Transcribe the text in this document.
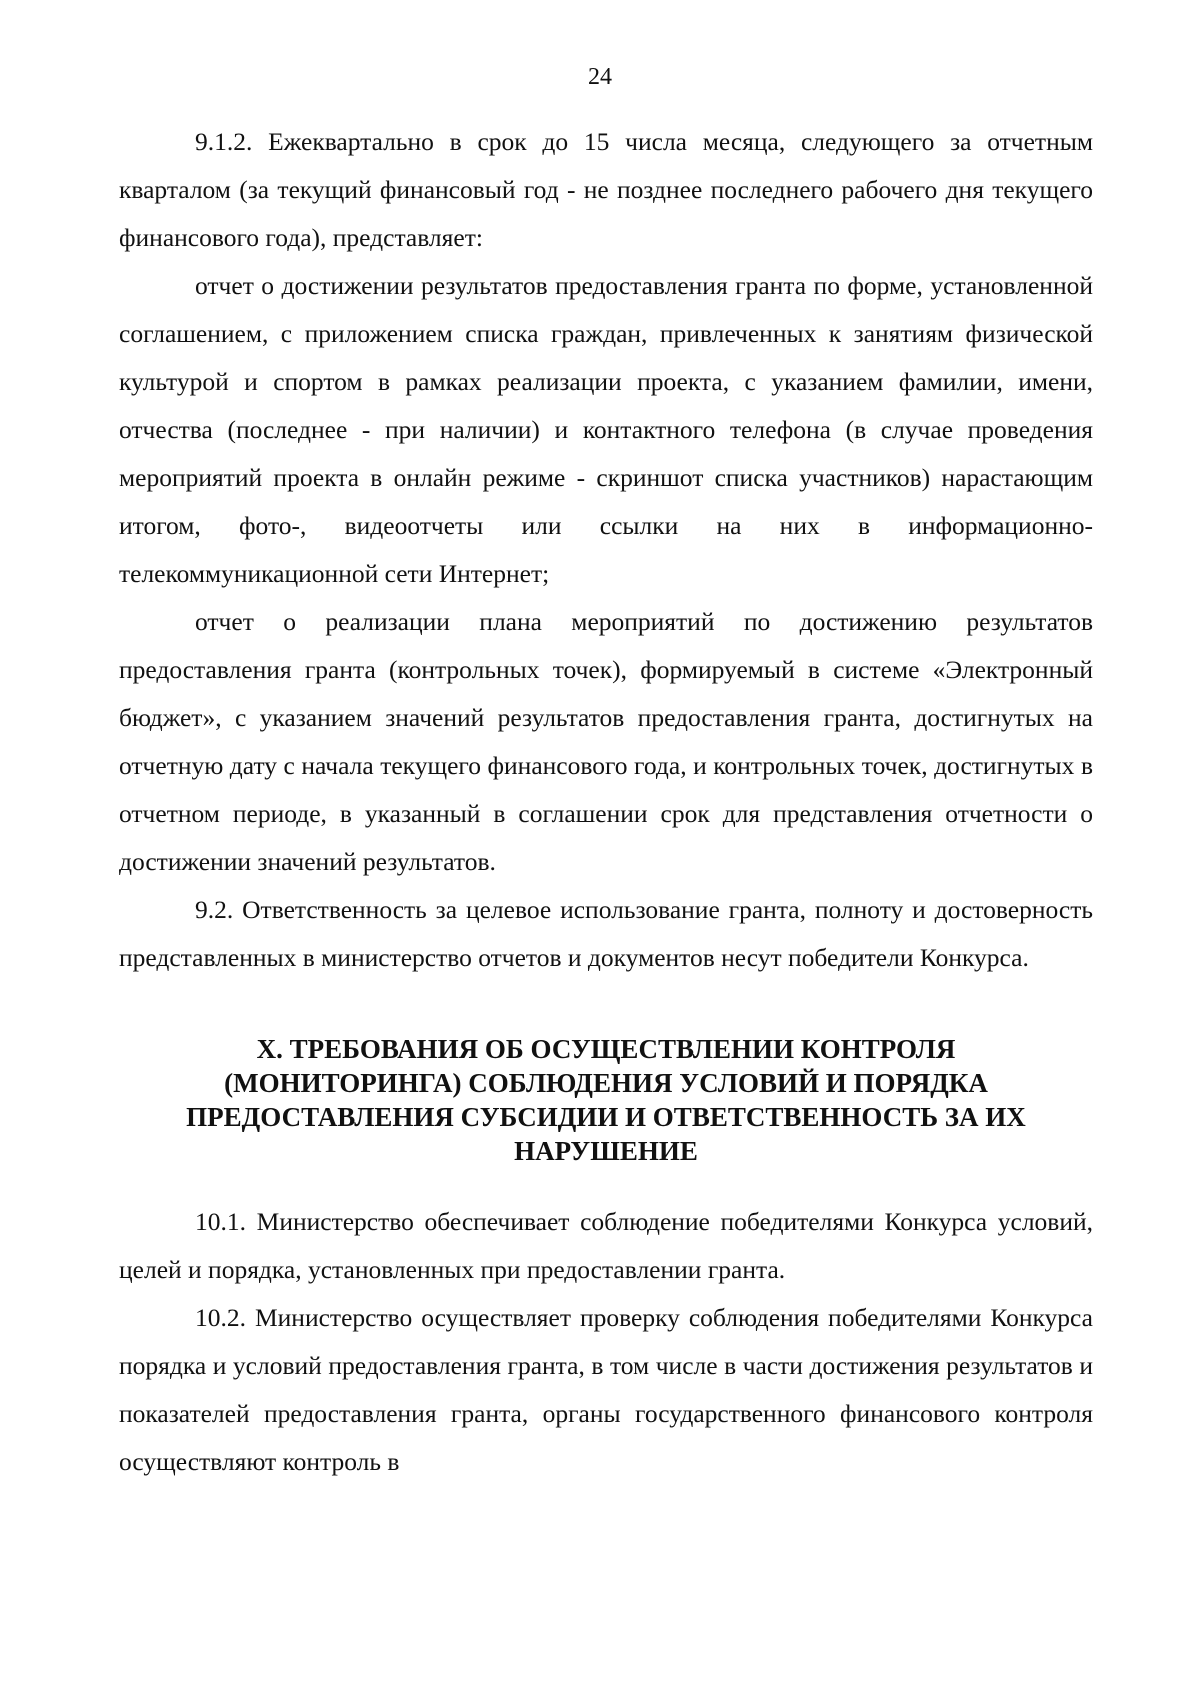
24

9.1.2. Ежеквартально в срок до 15 числа месяца, следующего за отчетным кварталом (за текущий финансовый год - не позднее последнего рабочего дня текущего финансового года), представляет:

отчет о достижении результатов предоставления гранта по форме, установленной соглашением, с приложением списка граждан, привлеченных к занятиям физической культурой и спортом в рамках реализации проекта, с указанием фамилии, имени, отчества (последнее - при наличии) и контактного телефона (в случае проведения мероприятий проекта в онлайн режиме - скриншот списка участников) нарастающим итогом, фото-, видеоотчеты или ссылки на них в информационно-телекоммуникационной сети Интернет;

отчет о реализации плана мероприятий по достижению результатов предоставления гранта (контрольных точек), формируемый в системе «Электронный бюджет», с указанием значений результатов предоставления гранта, достигнутых на отчетную дату с начала текущего финансового года, и контрольных точек, достигнутых в отчетном периоде, в указанный в соглашении срок для представления отчетности о достижении значений результатов.

9.2. Ответственность за целевое использование гранта, полноту и достоверность представленных в министерство отчетов и документов несут победители Конкурса.

X. ТРЕБОВАНИЯ ОБ ОСУЩЕСТВЛЕНИИ КОНТРОЛЯ (МОНИТОРИНГА) СОБЛЮДЕНИЯ УСЛОВИЙ И ПОРЯДКА ПРЕДОСТАВЛЕНИЯ СУБСИДИИ И ОТВЕТСТВЕННОСТЬ ЗА ИХ НАРУШЕНИЕ

10.1. Министерство обеспечивает соблюдение победителями Конкурса условий, целей и порядка, установленных при предоставлении гранта.

10.2. Министерство осуществляет проверку соблюдения победителями Конкурса порядка и условий предоставления гранта, в том числе в части достижения результатов и показателей предоставления гранта, органы государственного финансового контроля осуществляют контроль в
